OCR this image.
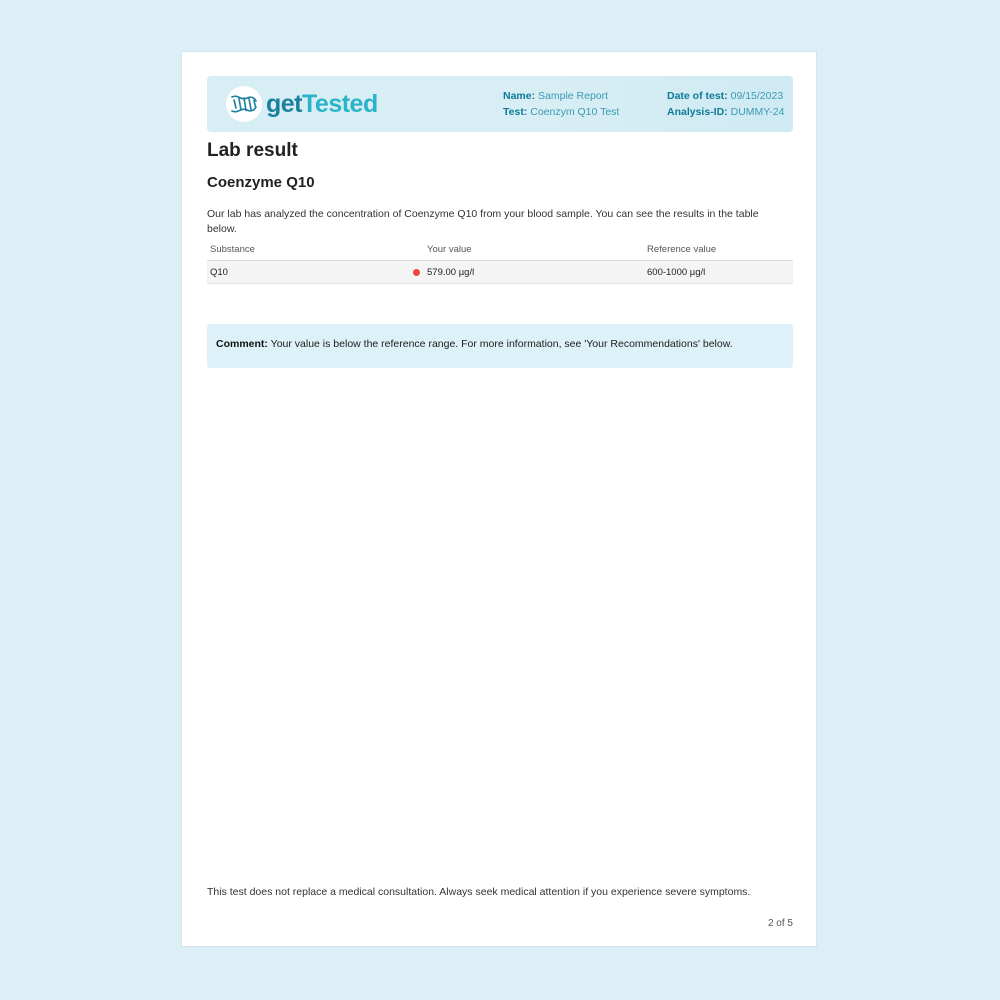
getTested	Name: Sample Report
Test: Coenzym Q10 Test
Date of test: 09/15/2023
Analysis-ID: DUMMY-24
Lab result
Coenzyme Q10
Our lab has analyzed the concentration of Coenzyme Q10 from your blood sample. You can see the results in the table below.
Substance	Your value	Reference value
Q10	579.00 µg/l	600-1000 µg/l
Comment: Your value is below the reference range. For more information, see 'Your Recommendations' below.
This test does not replace a medical consultation. Always seek medical attention if you experience severe symptoms.
2 of 5
